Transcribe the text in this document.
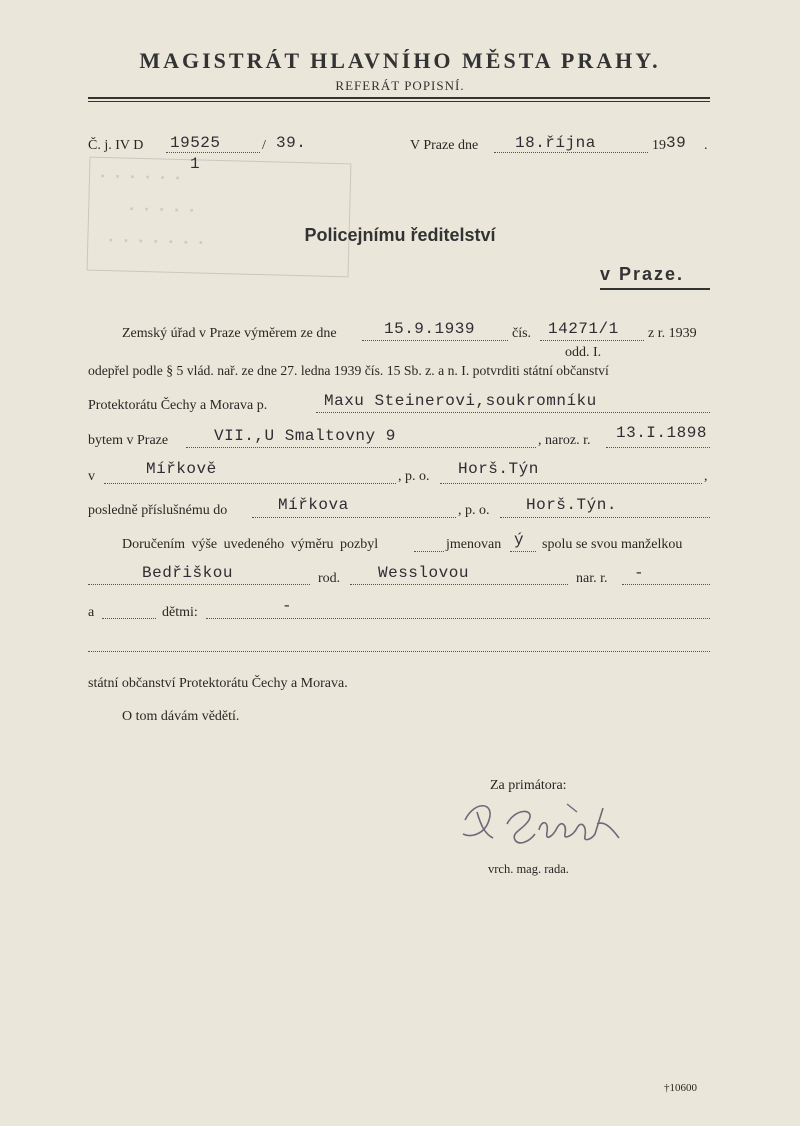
MAGISTRÁT HLAVNÍHO MĚSTA PRAHY.
REFERÁT POPISNÍ.
Č. j. IV D 19525
1
/ 39.	V Praze dne 18.října	19 39 .
· · · · · ·
· · · · ·
· · · · · · ·	Policejnímu ředitelství
v Praze.
Zemský úřad v Praze výměrem ze dne	15.9.1939	čís. 14271/1 z r. 1939
odd. I.
odepřel podle § 5 vlád. nař. ze dne 27. ledna 1939 čís. 15 Sb. z. a n. I. potvrditi státní občanství
Protektorátu Čechy a Morava p.	Maxu Steinerovi,soukromníku
bytem v Praze	VII.,U Smaltovny 9	, naroz. r. 13.I.1898
v	Mířkově	, p. o. Horš.Týn	,
posledně příslušnému do	Mířkova	, p. o. Horš.Týn.
Doručením výše uvedeného výměru pozbyl	jmenovan ý spolu se svou manželkou
Bedřiškou	rod. Wesslovou	nar. r. -
a	dětmi:	-
státní občanství Protektorátu Čechy a Morava.
O tom dávám vědětí.
Za primátora:
vrch. mag. rada.
†10600
